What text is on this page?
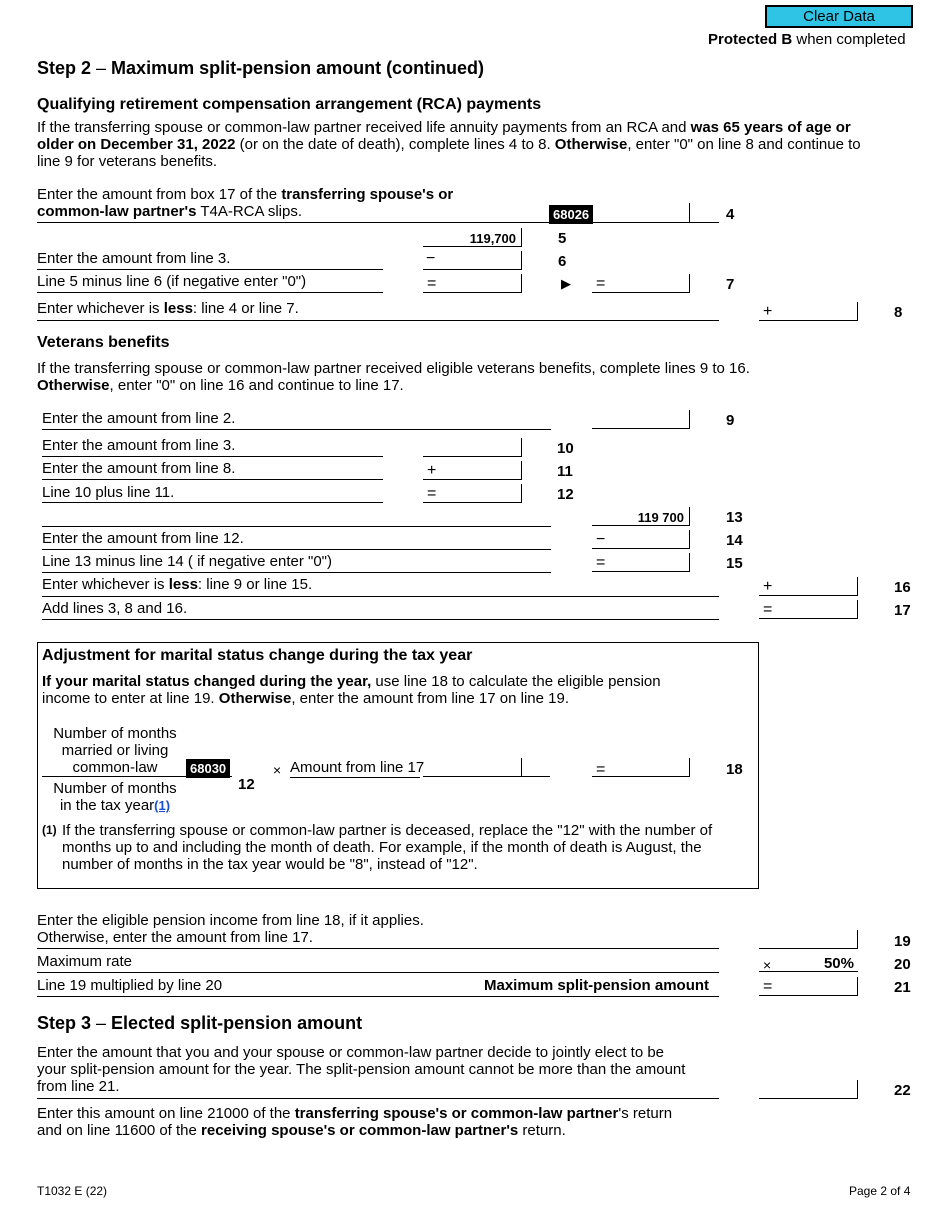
Clear Data
Protected B when completed
Step 2 – Maximum split-pension amount (continued)
Qualifying retirement compensation arrangement (RCA) payments
If the transferring spouse or common-law partner received life annuity payments from an RCA and was 65 years of age or
older on December 31, 2022 (or on the date of death), complete lines 4 to 8. Otherwise, enter "0" on line 8 and continue to
line 9 for veterans benefits.
Enter the amount from box 17 of the transferring spouse's or
common-law partner's T4A-RCA slips.	68026	4
119,700	5
Enter the amount from line 3.	−	6
Line 5 minus line 6 (if negative enter "0")	=	▶ =	7
Enter whichever is less: line 4 or line 7.	+	8
Veterans benefits
If the transferring spouse or common-law partner received eligible veterans benefits, complete lines 9 to 16.
Otherwise, enter "0" on line 16 and continue to line 17.
Enter the amount from line 2.	9
Enter the amount from line 3.	10
Enter the amount from line 8.	+	11
Line 10 plus line 11.	=	12
119 700	13
Enter the amount from line 12.	−	14
Line 13 minus line 14 ( if negative enter "0")	=	15
Enter whichever is less: line 9 or line 15.	+	16
Add lines 3, 8 and 16.	=	17
Adjustment for marital status change during the tax year
If your marital status changed during the year, use line 18 to calculate the eligible pension
income to enter at line 19. Otherwise, enter the amount from line 17 on line 19.
Number of months
married or living
common-law	68030
12
Number of months
in the tax year(1)
× Amount from line 17	=	18
(1) If the transferring spouse or common-law partner is deceased, replace the "12" with the number of
months up to and including the month of death. For example, if the month of death is August, the
number of months in the tax year would be "8", instead of "12".
Enter the eligible pension income from line 18, if it applies.
Otherwise, enter the amount from line 17.	19
Maximum rate	×	50%	20
Line 19 multiplied by line 20	Maximum split-pension amount	=	21
Step 3 – Elected split-pension amount
Enter the amount that you and your spouse or common-law partner decide to jointly elect to be
your split-pension amount for the year. The split-pension amount cannot be more than the amount
from line 21.	22
Enter this amount on line 21000 of the transferring spouse's or common-law partner's return
and on line 11600 of the receiving spouse's or common-law partner's return.
T1032 E (22)	Page 2 of 4
